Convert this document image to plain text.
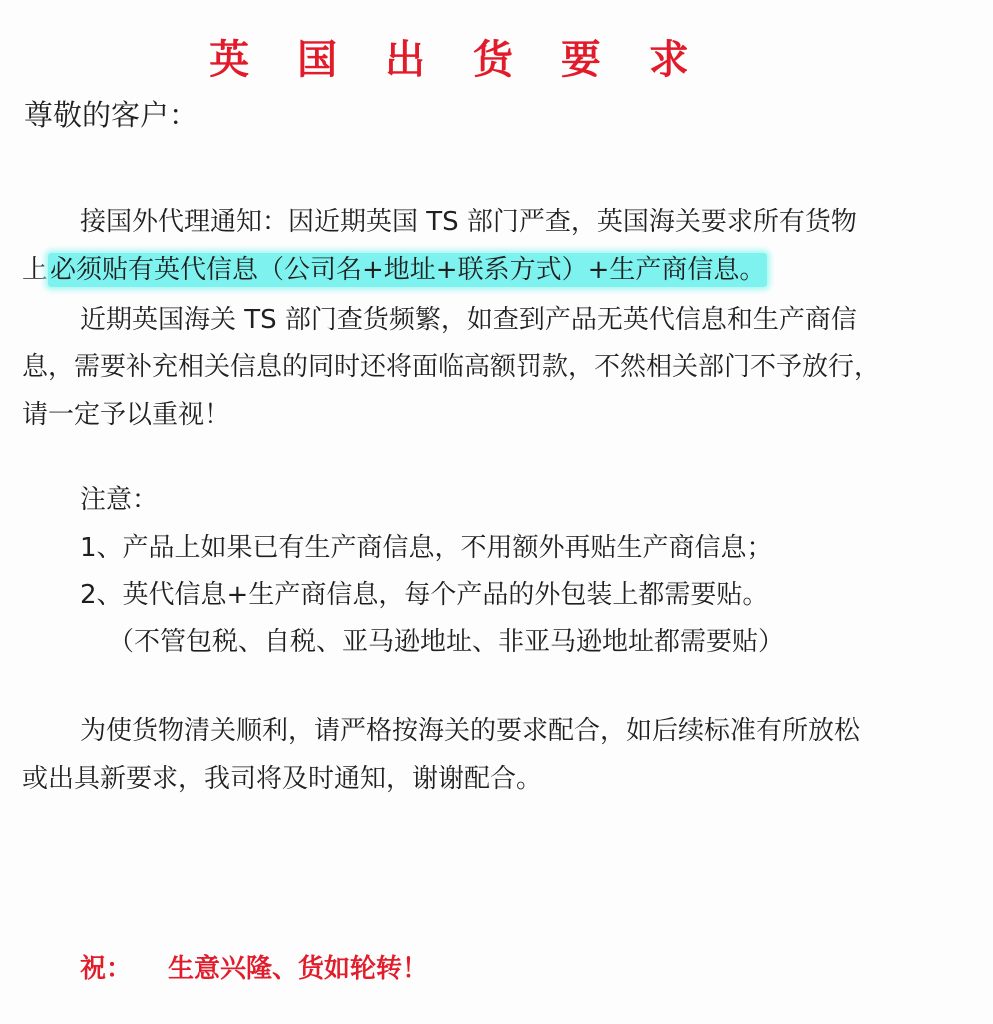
英 国 出 货 要 求
尊敬的客户：
接国外代理通知：因近期英国 TS 部门严查，英国海关要求所有货物
上必须贴有英代信息（公司名+地址+联系方式）+生产商信息。
近期英国海关 TS 部门查货频繁，如查到产品无英代信息和生产商信
息，需要补充相关信息的同时还将面临高额罚款，不然相关部门不予放行，
请一定予以重视！
注意：
1、产品上如果已有生产商信息，不用额外再贴生产商信息；
2、英代信息+生产商信息，每个产品的外包装上都需要贴。
（不管包税、自税、亚马逊地址、非亚马逊地址都需要贴）
为使货物清关顺利，请严格按海关的要求配合，如后续标准有所放松
或出具新要求，我司将及时通知，谢谢配合。
祝： 生意兴隆、货如轮转！
